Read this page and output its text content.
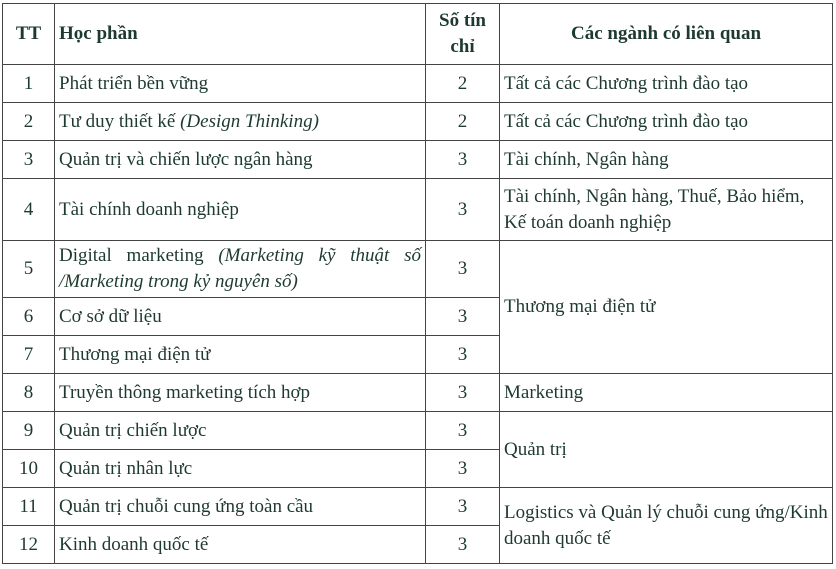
TT	Học phần	Số tín chỉ	Các ngành có liên quan
1	Phát triển bền vững	2	Tất cả các Chương trình đào tạo
2	Tư duy thiết kế (Design Thinking)	2	Tất cả các Chương trình đào tạo
3	Quản trị và chiến lược ngân hàng	3	Tài chính, Ngân hàng
4	Tài chính doanh nghiệp	3	Tài chính, Ngân hàng, Thuế, Bảo hiểm, Kế toán doanh nghiệp
5	Digital marketing (Marketing kỹ thuật số /Marketing trong kỷ nguyên số)	3	Thương mại điện tử
6	Cơ sở dữ liệu	3	
7	Thương mại điện tử	3	
8	Truyền thông marketing tích hợp	3	Marketing
9	Quản trị chiến lược	3	Quản trị
10	Quản trị nhân lực	3	
11	Quản trị chuỗi cung ứng toàn cầu	3	Logistics và Quản lý chuỗi cung ứng/Kinh doanh quốc tế
12	Kinh doanh quốc tế	3	
